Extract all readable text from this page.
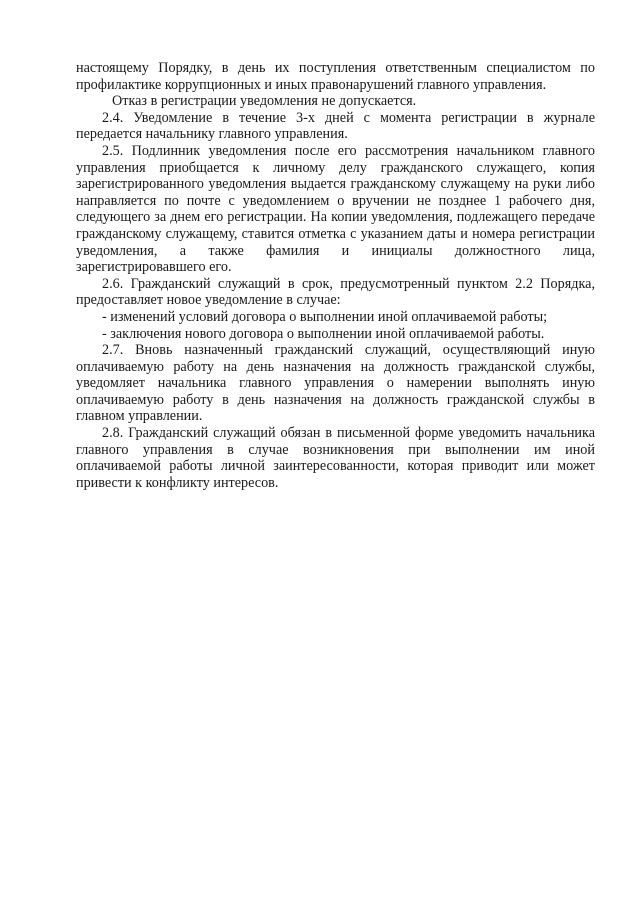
настоящему Порядку, в день их поступления ответственным специалистом по профилактике коррупционных и иных правонарушений главного управления.

Отказ в регистрации уведомления не допускается.

2.4. Уведомление в течение 3-х дней с момента регистрации в журнале передается начальнику главного управления.

2.5. Подлинник уведомления после его рассмотрения начальником главного управления приобщается к личному делу гражданского служащего, копия зарегистрированного уведомления выдается гражданскому служащему на руки либо направляется по почте с уведомлением о вручении не позднее 1 рабочего дня, следующего за днем его регистрации. На копии уведомления, подлежащего передаче гражданскому служащему, ставится отметка с указанием даты и номера регистрации уведомления, а также фамилия и инициалы должностного лица, зарегистрировавшего его.

2.6. Гражданский служащий в срок, предусмотренный пунктом 2.2 Порядка, предоставляет новое уведомление в случае:

- изменений условий договора о выполнении иной оплачиваемой работы;

- заключения нового договора о выполнении иной оплачиваемой работы.

2.7. Вновь назначенный гражданский служащий, осуществляющий иную оплачиваемую работу на день назначения на должность гражданской службы, уведомляет начальника главного управления о намерении выполнять иную оплачиваемую работу в день назначения на должность гражданской службы в главном управлении.

2.8. Гражданский служащий обязан в письменной форме уведомить начальника главного управления в случае возникновения при выполнении им иной оплачиваемой работы личной заинтересованности, которая приводит или может привести к конфликту интересов.
